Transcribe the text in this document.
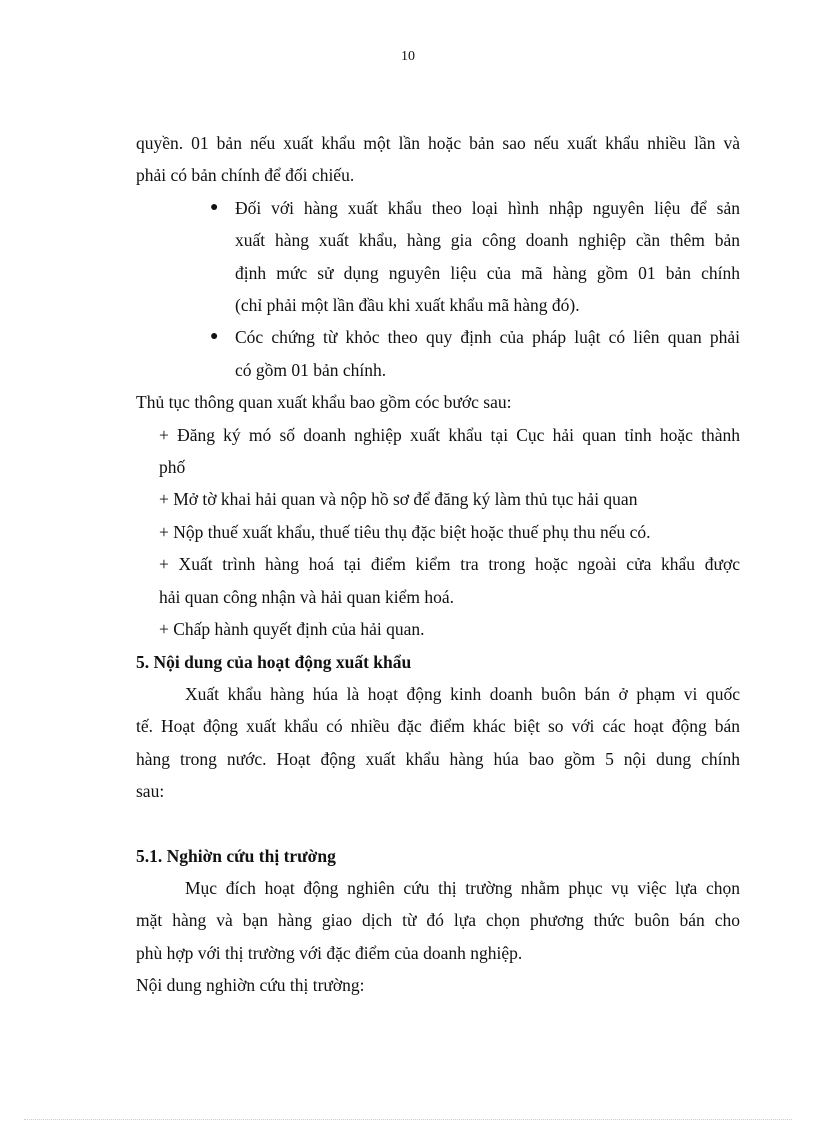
10

quyền. 01 bản nếu xuất khẩu một lần hoặc bản sao nếu xuất khẩu nhiều lần và

phải có bản chính để đối chiếu.

● Đối với hàng xuất khẩu theo loại hình nhập nguyên liệu để sản

xuất hàng xuất khẩu, hàng gia công doanh nghiệp cần thêm bản

định mức sử dụng nguyên liệu của mã hàng gồm 01 bản chính

(chỉ phải một lần đầu khi xuất khẩu mã hàng đó).

● Cóc chứng từ khỏc theo quy định của pháp luật có liên quan phải

có gồm 01 bản chính.

Thủ tục thông quan xuất khẩu bao gồm cóc bước sau:

+ Đăng ký mó số doanh nghiệp xuất khẩu tại Cục hải quan tỉnh hoặc thành

phố

+ Mở tờ khai hải quan và nộp hồ sơ để đăng ký làm thủ tục hải quan

+ Nộp thuế xuất khẩu, thuế tiêu thụ đặc biệt hoặc thuế phụ thu nếu có.

+ Xuất trình hàng hoá tại điểm kiểm tra trong hoặc ngoài cửa khẩu được

hải quan công nhận và hải quan kiểm hoá.

+ Chấp hành quyết định của hải quan.

5. Nội dung của hoạt động xuất khẩu

Xuất khẩu hàng húa là hoạt động kinh doanh buôn bán ở phạm vi quốc

tế. Hoạt động xuất khẩu có nhiều đặc điểm khác biệt so với các hoạt động bán

hàng trong nước. Hoạt động xuất khẩu hàng húa bao gồm 5 nội dung chính

sau:

5.1. Nghiờn cứu thị trường

Mục đích hoạt động nghiên cứu thị trường nhằm phục vụ việc lựa chọn

mặt hàng và bạn hàng giao dịch từ đó lựa chọn phương thức buôn bán cho

phù hợp với thị trường với đặc điểm của doanh nghiệp.

Nội dung nghiờn cứu thị trường:
